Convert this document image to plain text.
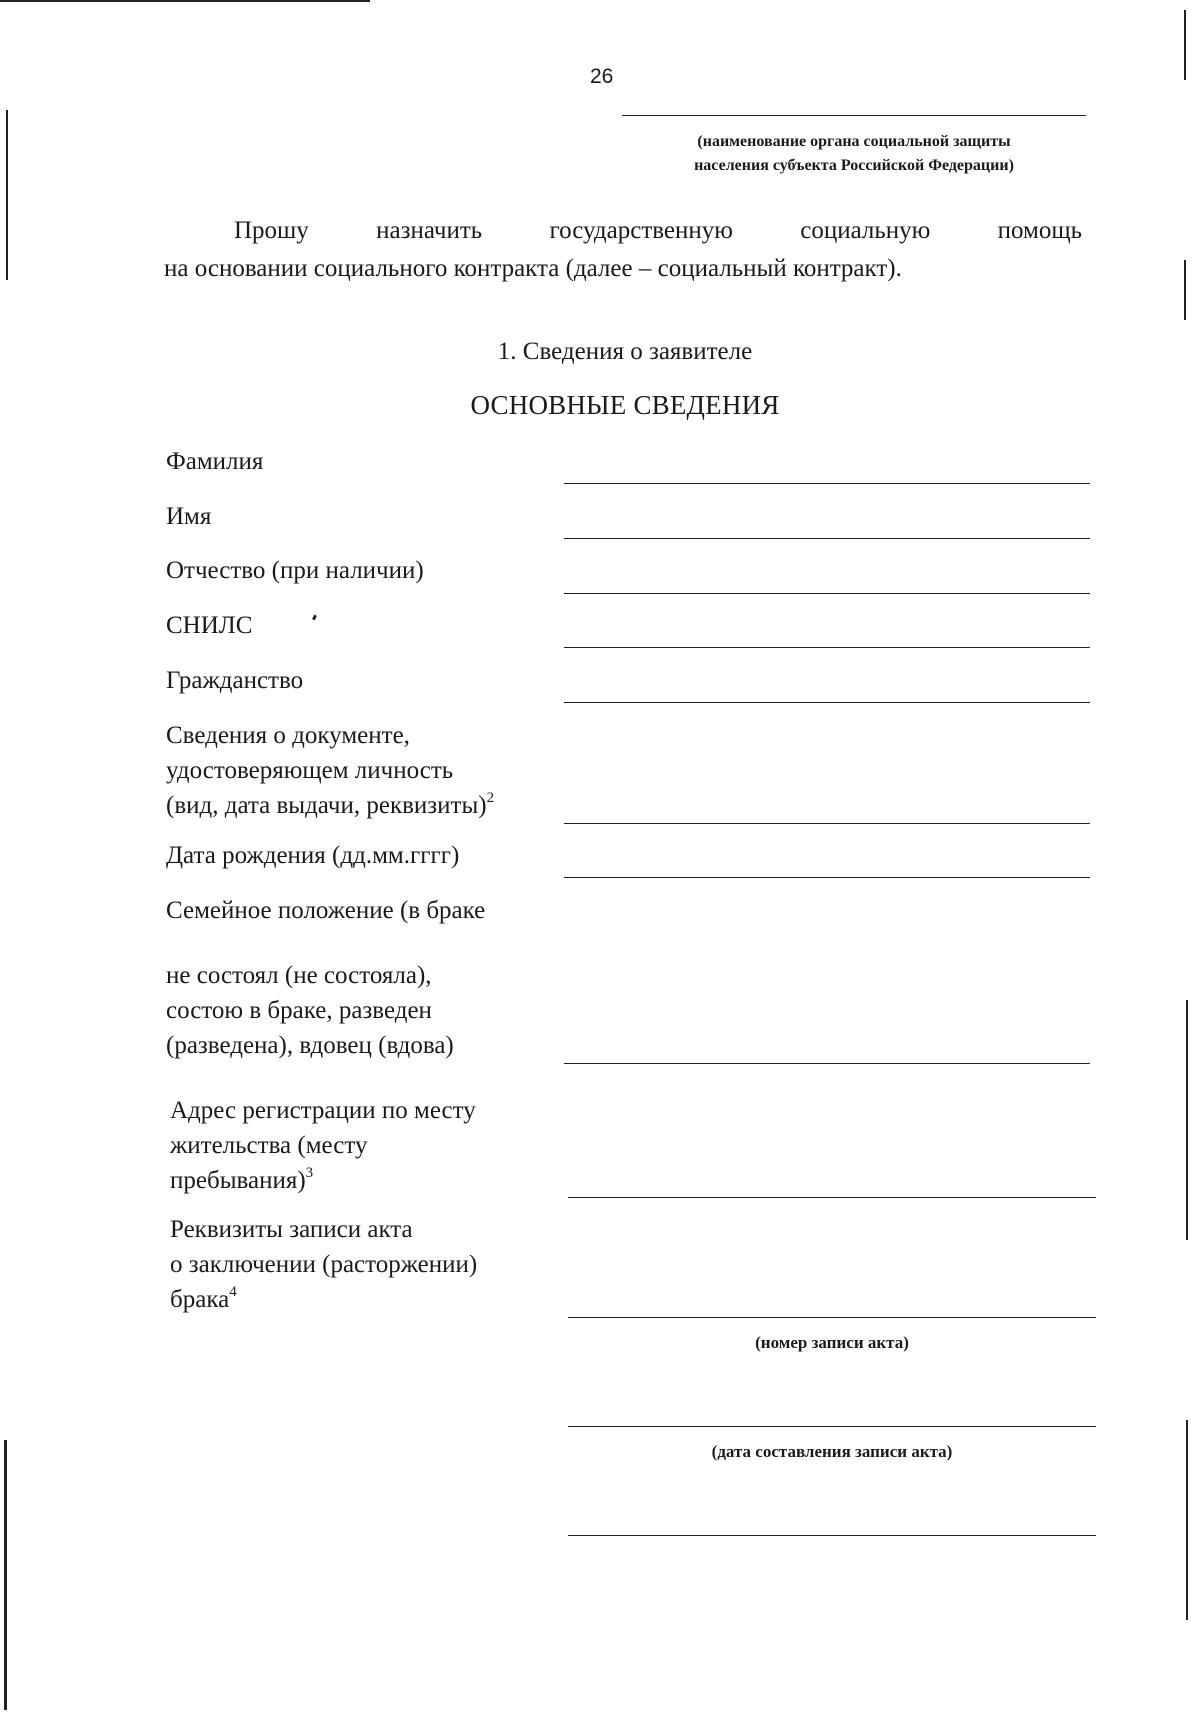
26
(наименование органа социальной защиты
населения субъекта Российской Федерации)
Прошу назначить государственную социальную помощь
на основании социального контракта (далее – социальный контракт).
1. Сведения о заявителе
ОСНОВНЫЕ СВЕДЕНИЯ
Фамилия
Имя
Отчество (при наличии)
СНИЛС
Гражданство
Сведения о документе,
удостоверяющем личность
(вид, дата выдачи, реквизиты)$^2$
Дата рождения (дд.мм.гггг)
Семейное положение (в браке
не состоял (не состояла),
состою в браке, разведен
(разведена), вдовец (вдова)
Адрес регистрации по месту
жительства (месту
пребывания)$^3$
Реквизиты записи акта
о заключении (расторжении)
брака$^4$
(номер записи акта)
(дата составления записи акта)
